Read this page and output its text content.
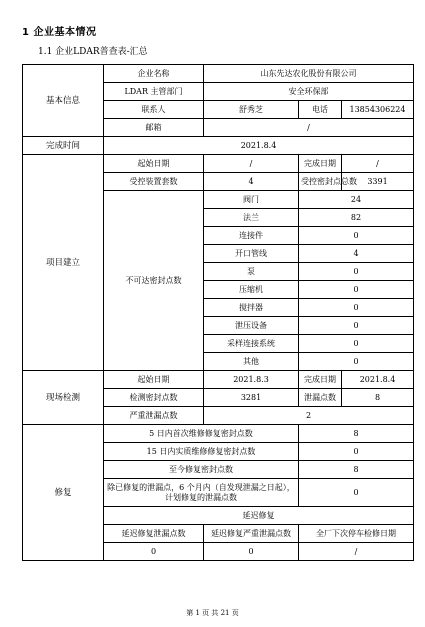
1 企业基本情况
1.1 企业LDAR普查表-汇总
基本信息	企业名称	山东先达农化股份有限公司		
	LDAR 主管部门	安全环保部		
	联系人	舒秀芝	电话	13854306224
	邮箱	/		
完成时间	2021.8.4			
项目建立	起始日期	/	完成日期	/
	受控装置套数	4	受控密封点总数	3391
	不可达密封点数	阀门	24	
		法兰	82	
		连接件	0	
		开口管线	4	
		泵	0	
		压缩机	0	
		搅拌器	0	
		泄压设备	0	
		采样连接系统	0	
		其他	0	
现场检测	起始日期	2021.8.3	完成日期	2021.8.4
	检测密封点数	3281	泄漏点数	8
	严重泄漏点数	2		
修复	5 日内首次维修修复密封点数		8	
	15 日内实质维修修复密封点数		0	
	至今修复密封点数		8	
	除已修复的泄漏点，6 个月内（自发现泄漏之日起），计划修复的泄漏点数		0	
	延迟修复			
	延迟修复泄漏点数	延迟修复严重泄漏点数	全厂下次停车检修日期	
	0	0	/	
第 1 页 共 21 页
